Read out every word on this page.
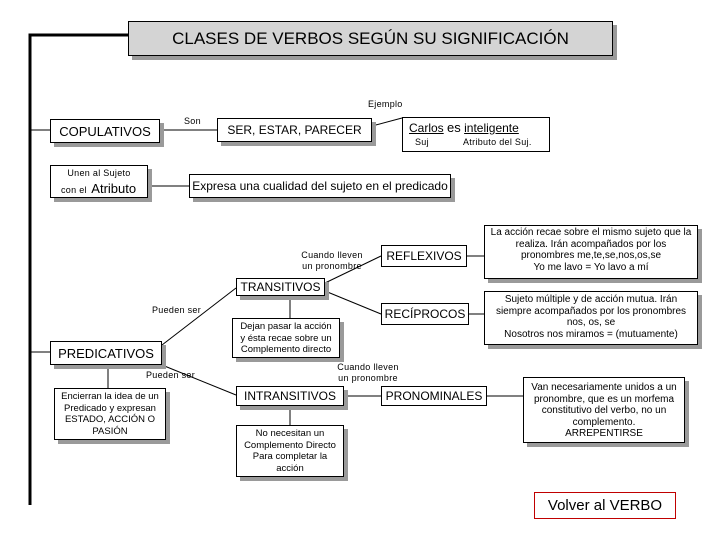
CLASES DE VERBOS SEGÚN SU SIGNIFICACIÓN
COPULATIVOS
Son
SER, ESTAR, PARECER
Ejemplo
Carlos es inteligente
Suj	Atributo del Suj.
Unen al Sujeto
con el Atributo	Expresa una cualidad del sujeto en el predicado
Cuando lleven
un pronombre
REFLEXIVOS
La acción recae sobre el mismo sujeto que la
realiza. Irán acompañados por los
pronombres me,te,se,nos,os,se
Yo me lavo = Yo lavo a mí
TRANSITIVOS
Pueden ser	RECÍPROCOS
Sujeto múltiple y de acción mutua. Irán
siempre acompañados por los pronombres
nos, os, se
Nosotros nos miramos = (mutuamente)
Dejan pasar la acción
y ésta recae sobre un
Complemento directo
PREDICATIVOS
Cuando lleven
un pronombre
Pueden ser
Encierran la idea de un
Predicado y expresan
ESTADO, ACCIÓN O
PASIÓN
INTRANSITIVOS	PRONOMINALES
Van necesariamente unidos a un
pronombre, que es un morfema
constitutivo del verbo, no un
complemento.
ARREPENTIRSE
No necesitan un
Complemento Directo
Para completar la
acción
Volver al VERBO
